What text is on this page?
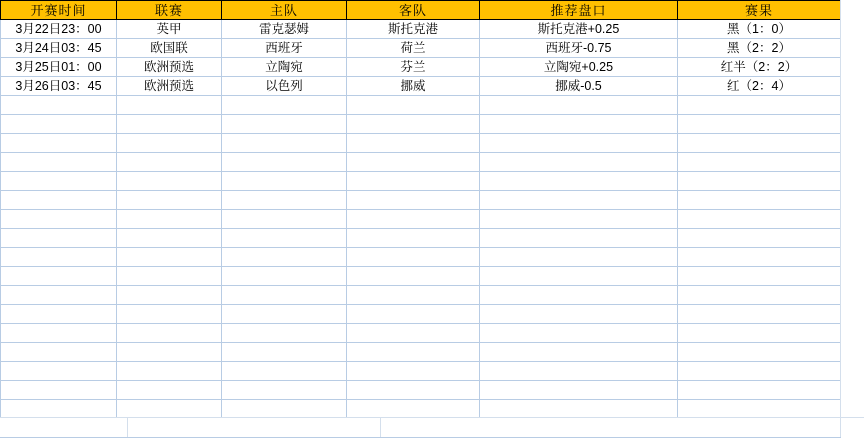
开赛时间	联赛	主队	客队	推荐盘口	赛果
3月22日23：00	英甲	雷克瑟姆	斯托克港	斯托克港+0.25	黑（1：0）
3月24日03：45	欧国联	西班牙	荷兰	西班牙-0.75	黑（2：2）
3月25日01：00	欧洲预选	立陶宛	芬兰	立陶宛+0.25	红半（2：2）
3月26日03：45	欧洲预选	以色列	挪威	挪威-0.5	红（2：4）
